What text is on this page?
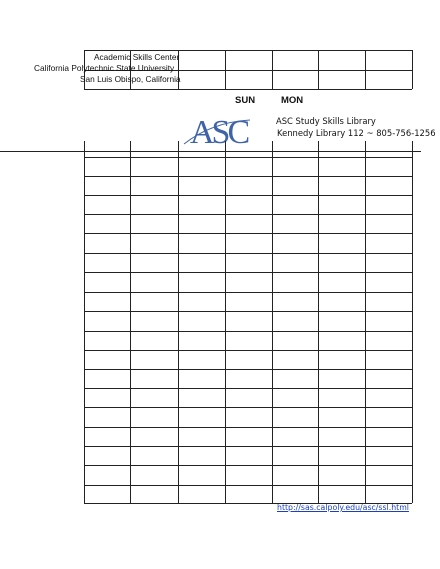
Academic Skills Center
California Polytechnic State University
San Luis Obispo, California
SUN	MON
ASC	ASC Study Skills Library
Kennedy Library 112 ~ 805-756-1256
http://sas.calpoly.edu/asc/ssl.html
